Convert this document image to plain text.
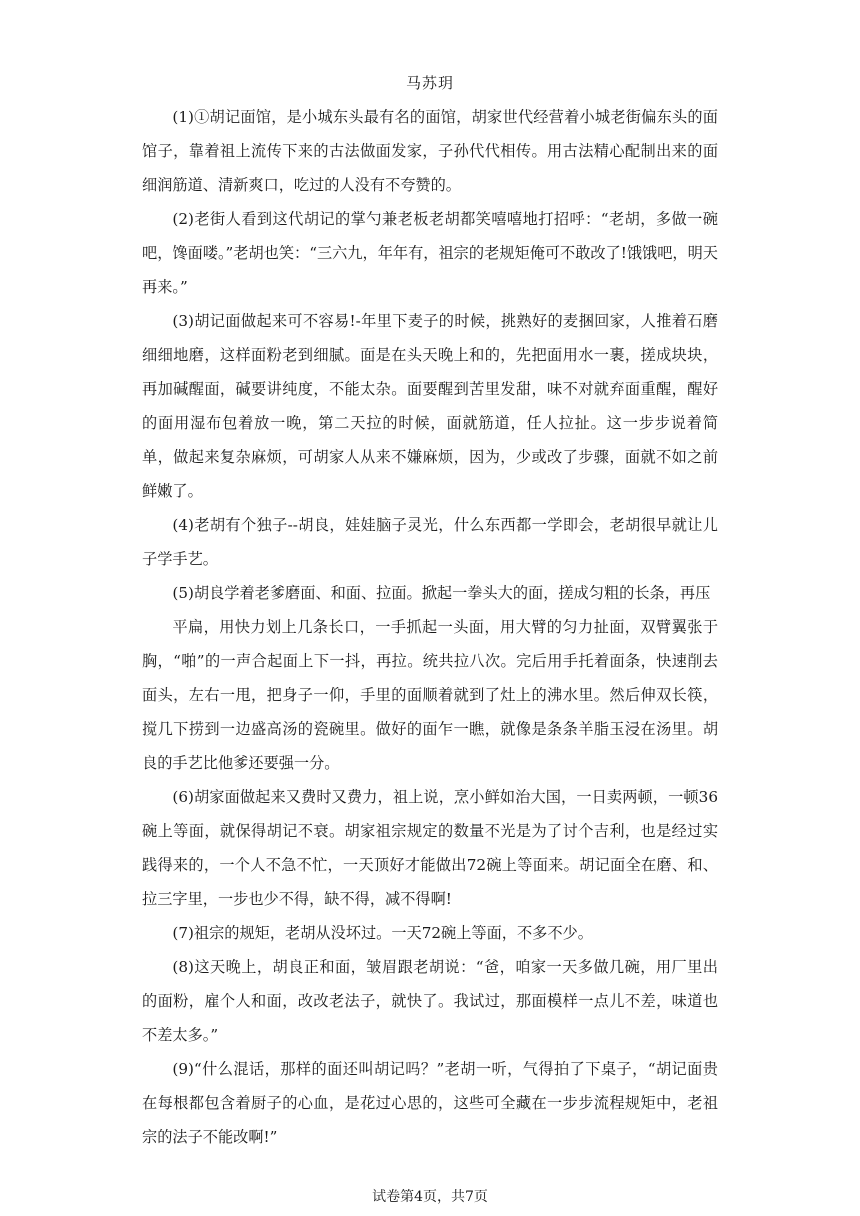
马苏玥

(1)①胡记面馆，是小城东头最有名的面馆，胡家世代经营着小城老街偏东头的面馆子，靠着祖上流传下来的古法做面发家，子孙代代相传。用古法精心配制出来的面细润筋道、清新爽口，吃过的人没有不夸赞的。

(2)老街人看到这代胡记的掌勺兼老板老胡都笑嘻嘻地打招呼：“老胡，多做一碗吧，馋面喽。”老胡也笑：“三六九，年年有，祖宗的老规矩俺可不敢改了!饿饿吧，明天再来。”

(3)胡记面做起来可不容易!-年里下麦子的时候，挑熟好的麦捆回家，人推着石磨细细地磨，这样面粉老到细腻。面是在头天晚上和的，先把面用水一裹，搓成块块，再加碱醒面，碱要讲纯度，不能太杂。面要醒到苦里发甜，味不对就弃面重醒，醒好的面用湿布包着放一晚，第二天拉的时候，面就筋道，任人拉扯。这一步步说着简单，做起来复杂麻烦，可胡家人从来不嫌麻烦，因为，少或改了步骤，面就不如之前鲜嫩了。

(4)老胡有个独子--胡良，娃娃脑子灵光，什么东西都一学即会，老胡很早就让儿子学手艺。

(5)胡良学着老爹磨面、和面、拉面。掀起一拳头大的面，搓成匀粗的长条，再压

平扁，用快力划上几条长口，一手抓起一头面，用大臂的匀力扯面，双臂翼张于胸，“啪”的一声合起面上下一抖，再拉。统共拉八次。完后用手托着面条，快速削去面头，左右一甩，把身子一仰，手里的面顺着就到了灶上的沸水里。然后伸双长筷，搅几下捞到一边盛高汤的瓷碗里。做好的面乍一瞧，就像是条条羊脂玉浸在汤里。胡良的手艺比他爹还要强一分。

(6)胡家面做起来又费时又费力，祖上说，烹小鲜如治大国，一日卖两顿，一顿36碗上等面，就保得胡记不衰。胡家祖宗规定的数量不光是为了讨个吉利，也是经过实践得来的，一个人不急不忙，一天顶好才能做出72碗上等面来。胡记面全在磨、和、拉三字里，一步也少不得，缺不得，减不得啊!

(7)祖宗的规矩，老胡从没坏过。一天72碗上等面，不多不少。

(8)这天晚上，胡良正和面，皱眉跟老胡说：“爸，咱家一天多做几碗，用厂里出的面粉，雇个人和面，改改老法子，就快了。我试过，那面模样一点儿不差，味道也不差太多。”

(9)“什么混话，那样的面还叫胡记吗？”老胡一听，气得拍了下桌子，“胡记面贵在每根都包含着厨子的心血，是花过心思的，这些可全藏在一步步流程规矩中，老祖宗的法子不能改啊!”

试卷第4页，共7页
